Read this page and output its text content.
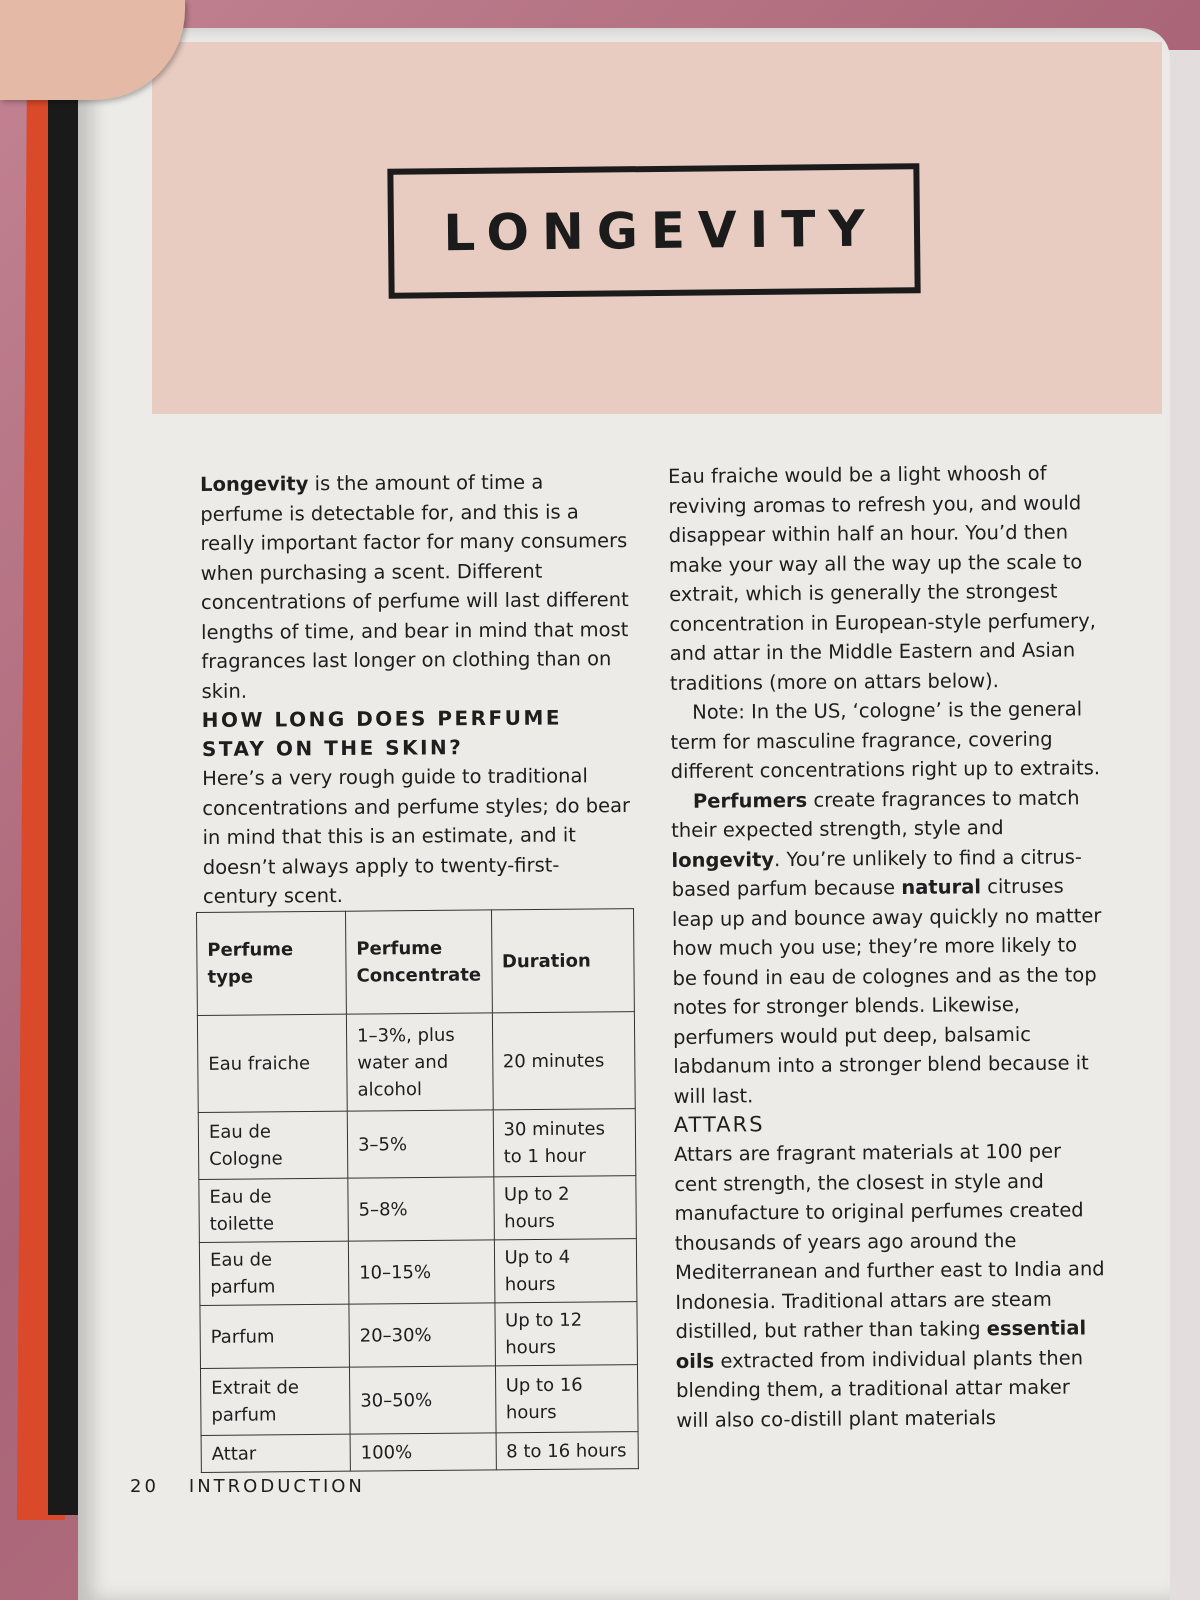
LONGEVITY

Longevity is the amount of time a perfume is detectable for, and this is a really important factor for many consumers when purchasing a scent. Different concentrations of perfume will last different lengths of time, and bear in mind that most fragrances last longer on clothing than on skin.

HOW LONG DOES PERFUME STAY ON THE SKIN?

Here’s a very rough guide to traditional concentrations and perfume styles; do bear in mind that this is an estimate, and it doesn’t always apply to twenty-first-century scent.

Perfume type	Perfume Concentrate	Duration
Eau fraiche	1–3%, plus water and alcohol	20 minutes
Eau de Cologne	3–5%	30 minutes to 1 hour
Eau de toilette	5–8%	Up to 2 hours
Eau de parfum	10–15%	Up to 4 hours
Parfum	20–30%	Up to 12 hours
Extrait de parfum	30–50%	Up to 16 hours
Attar	100%	8 to 16 hours

Eau fraiche would be a light whoosh of reviving aromas to refresh you, and would disappear within half an hour. You’d then make your way all the way up the scale to extrait, which is generally the strongest concentration in European-style perfumery, and attar in the Middle Eastern and Asian traditions (more on attars below).

Note: In the US, ‘cologne’ is the general term for masculine fragrance, covering different concentrations right up to extraits.

Perfumers create fragrances to match their expected strength, style and longevity. You’re unlikely to find a citrus-based parfum because natural citruses leap up and bounce away quickly no matter how much you use; they’re more likely to be found in eau de colognes and as the top notes for stronger blends. Likewise, perfumers would put deep, balsamic labdanum into a stronger blend because it will last.

ATTARS

Attars are fragrant materials at 100 per cent strength, the closest in style and manufacture to original perfumes created thousands of years ago around the Mediterranean and further east to India and Indonesia. Traditional attars are steam distilled, but rather than taking essential oils extracted from individual plants then blending them, a traditional attar maker will also co-distill plant materials

20 INTRODUCTION
